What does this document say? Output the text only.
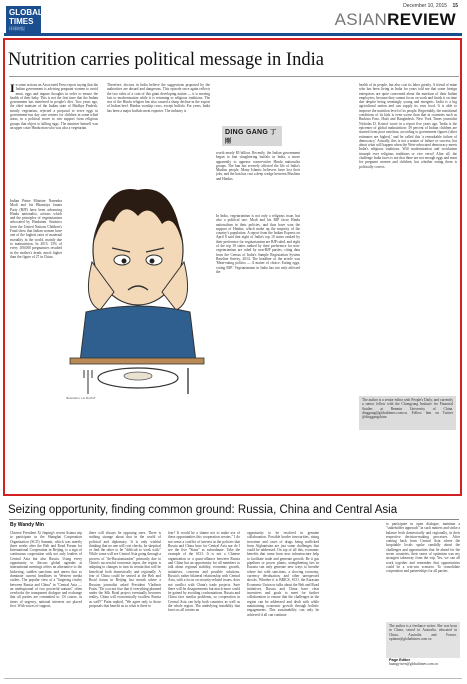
GLOBAL TIMES
环球时报
December 10, 2015 15
ASIANREVIEW
Nutrition carries political message in India

In some actions an Associated Press report saying that the Indian government is advising pregnant women to avoid meat, eggs and impure thoughts in order to ensure the health of their baby. This is not the first time that the Indian government has interfered in people's diet. Two years ago, the chief minister of the Indian state of Madhya Pradesh, mostly vegetarian, rejected a proposal to serve eggs in government-run day care centers for children in some tribal areas, in a political move to win support from religious groups that object to killing eggs. The minister himself was an upper caste Hindu man who was also a vegetarian.

Indian Prime Minister Narendra Modi and his Bharatiya Janata Party (BJP) have been advancing Hindu nationalist, actions which and the principles of vegetarianism advocated by Hinduism. Statistics from the United Nations Children's Fund show that Indian women have one of the highest rates of maternal mortality in the world, mainly due to malnutrition. In 2015, 15% of every 100,000 pregnancies resulted in the mother's death, much higher than the figure of 27 in China.

Therefore, doctors in India believe the suggestions proposed by the authorities are absurd and dangerous. This episode once again reflects the two sides of a coin of this giant developing nation — it is moving fast to modernization while it is returning to religious traditions. The rise of the Hindu religion has also caused a sharp decline in the export of Indian beef. Hindus worship cows, except buffalo. For years, India has been a major buffalo meat exporter. The industry is

worth nearly $5 billion. Recently, the Indian government began to ban slaughtering buffalo in India, a move apparently to appease conservative Hindu nationalist groups. The ban has severely affected the life of India's Muslim people. Many Islamic believers have lost their jobs, and the ban has cast a deep wedge between Muslims and Hindus.

In India, vegetarianism is not only a religious issue, but also a political one. Modi and his BJP favor Hindu nationalism in their policies, and thus have won the support of Hindus, which make up the majority of the country's population. A report from the Indian Express on April 8 said that eight of India's top 10 states ranked by their preference for vegetarianism are BJP ruled, and eight of the top 10 states ranked by their preference for non-vegetarianism are ruled by non-BJP parties, citing data from the Census of India's Sample Registration System Baseline Survey, 2014. The headline of the article was 'Meat-eating politics — A matter of choice: Eating eggs, voting BJP.' Vegetarianism in India has not only affected the

health of its people, but also cost its labor greatly. A friend of mine who has been living in India for years told me that some foreign enterprises are quite concerned about the nutrition of their Indian employees, because they cannot focus on work and finish it on time due despite being seemingly young and energetic. India is a big agricultural nation and can supply its own food. It is able to improve the nutrition level of its people. Regrettably, the nutritional conditions of its kids is even worse than that in countries such as Burkina Faso, Haiti and Bangladesh. New York Times journalist Nicholas D. Kristof wrote in a report five years ago, 'India is the epicenter of global malnutrition: 39 percent of Indian children are stunted from poor nutrition, according to government figures (other estimates are higher),' and he called this 'a remarkable failure of democracy.' Actually, this is not a matter of failure or success, but about what will happen when the West-advocated democracy meets India's religious traditions. Will modernization and secularism triumph over religious traditions or vice versa? After all, the challenge India faces is not that there are not enough eggs and meat for pregnant women and children, but whether eating them is politically correct.

DING GANG 丁刚
Illustration: Liu Rui/GT	The author is a senior editor with People's Daily, and currently a senior fellow with the Chongyang Institute for Financial Studies at Renmin University of China. dinggang@globaltimes.com.cn. Follow him on Twitter @dinggangchina
Seizing opportunity, finding common ground: Russia, China and Central Asia
By Wandy Min
Chinese President Xi Jinping's recent Astana trip to participate in the Shanghai Cooperation Organization (SCO) Summit, which was merely three weeks after the Belt and Road Forum for International Cooperation in Beijing, is a sign of continuous cooperation with not only leaders of Central Asia but also Russia. Using every opportunity to discuss global agendas at international meetings offers an alternative to the bickering, sudden sanctions and unrest that so dominate current headlines in Western media outlets. The popular view of a "lingering rivalry between Russia and China" in "Central Asia — an underground of two powerful nations" often overlooks the transparent dialogue and exchange that all parties are committed to. Of course, in times of urgency, national interests are placed first. With voices of support,
there will always be opposing ones. There is nothing strange about that in the world of political and diplomacy. It is only wishful thinking that no one will cost checks, be skeptical or find the other to be "difficult to work with." While some will see Central Asia going through a process of "de-Russianization" primarily due to China's successful economic input, the region is adapting to changes to turn its terrain that will be beneficial both domestically and regionally. A fear of China could be sensed at the Belt and Road forum in Beijing last month where a Russian journalist asked President Vladimir Putin, "Do you not fear that if everything planned under the Silk Road project eventually becomes reality, China will economically swallow Russia as well?" Putin replied, "We agree only to those proposals that benefit us so what is there to
fear? It would be a shame not to make use of these opportunities this cooperation creates." I do not sense a conflict of interest in the policies that Russia and China have for Central Asia nor do I see the five "Stans" as subordinate. Take the example of the SCO. It is not a Chinese organization or a quasi-alliance between Russia and China but an opportunity for all members to talk about regional stability, economic growth, initiatives, concerns and possible solutions. Russia's rather bilateral relationship with Central Asia, with a focus on security-related issues, does not conflict with China's trade projects. Sure there will be disagreements but much more could be gained by avoiding confrontations. Russia and China face similar problems, so cooperation in Central Asia can help both countries as well as the whole region. The underlying instability that faces us all creates an
opportunity to be resolved in genuine collaboration. Possible border insecurities, rising terrorism and cases of drugs being trafficked from Afghanistan are just some challenges that could be addressed. On top of all this, economic benefits that come from new infrastructure help to facilitate trade and generate growth. Be it gas pipelines or power plants, strengthening ties in Eurasia can only generate new ways to breathe where hot with sanctions, a slowing economy, currency devaluation, and other unexpected shocks. Whether it is BRICS, SCO, the Eurasian Economic Union or talks about the Belt and Road initiatives, Russia and China have clear incentives and goals to meet for further collaboration to ensure that the challenges in the region can be addressed and dealt with while maintaining economic growth through holistic engagements. This sustainability can only be achieved if all can continue
to participate in open dialogue, maintain a "stakeholder approach" in such matters and strike a balance both domestically and regionally, in their respective decision-making processes. After coming back from Central Asia where the hospitable locals spoke candidly about the challenges and opportunities that lie ahead for the seven countries, their sense of optimism was my strongest takeaway from the trip. Yes, we can all work together and remember that opportunities could be a win-win scenario. To consolidate cooperation and partnerships for all parties.
The author is a freelance writer. She was born in China, raised in Australia, educated in China, Australia and France. opinion@globaltimes.com.cn
Page Editor
huangyiwen@globaltimes.com.cn
